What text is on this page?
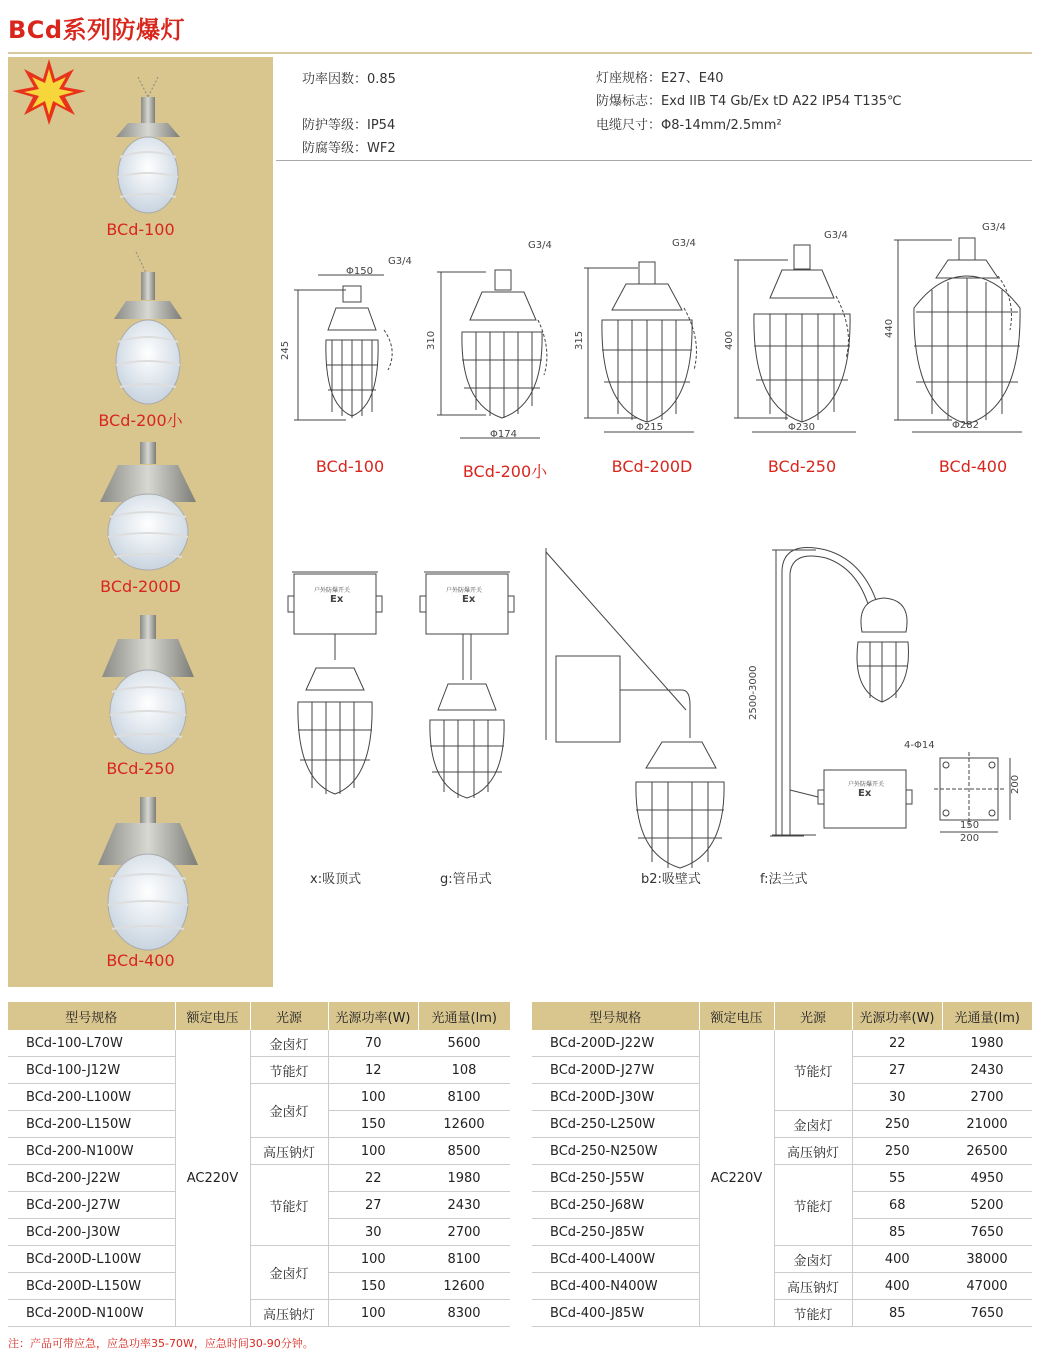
BCd系列防爆灯
BCd-100
BCd-200小
BCd-200D
BCd-250
BCd-400
功率因数：0.85
防护等级：IP54
防腐等级：WF2
灯座规格：E27、E40
防爆标志：Exd IIB T4 Gb/Ex tD A22 IP54 T135℃
电缆尺寸：Φ8-14mm/2.5mm²
Φ150
G3/4
245
Φ174
G3/4
310
Φ215
G3/4
315
Φ230
G3/4
400
Φ282
G3/4
440
2500-3000
4-Φ14
200
150
200
Ex	Ex
Ex
户外防爆开关	户外防爆开关
户外防爆开关
BCd-100	BCd-200小	BCd-200D	BCd-250	BCd-400
x:吸顶式	g:管吊式	b2:吸壁式	f:法兰式
型号规格	额定电压	光源	光源功率(W)	光通量(lm)
BCd-100-L70W	AC220V	金卤灯	70	5600
BCd-100-J12W		节能灯	12	108
BCd-200-L100W		金卤灯	100	8100
BCd-200-L150W			150	12600
BCd-200-N100W		高压钠灯	100	8500
BCd-200-J22W		节能灯	22	1980
BCd-200-J27W			27	2430
BCd-200-J30W			30	2700
BCd-200D-L100W		金卤灯	100	8100
BCd-200D-L150W			150	12600
BCd-200D-N100W		高压钠灯	100	8300
型号规格	额定电压	光源	光源功率(W)	光通量(lm)
BCd-200D-J22W	AC220V	节能灯	22	1980
BCd-200D-J27W			27	2430
BCd-200D-J30W			30	2700
BCd-250-L250W		金卤灯	250	21000
BCd-250-N250W		高压钠灯	250	26500
BCd-250-J55W		节能灯	55	4950
BCd-250-J68W			68	5200
BCd-250-J85W			85	7650
BCd-400-L400W		金卤灯	400	38000
BCd-400-N400W		高压钠灯	400	47000
BCd-400-J85W		节能灯	85	7650
注：产品可带应急，应急功率35-70W，应急时间30-90分钟。
